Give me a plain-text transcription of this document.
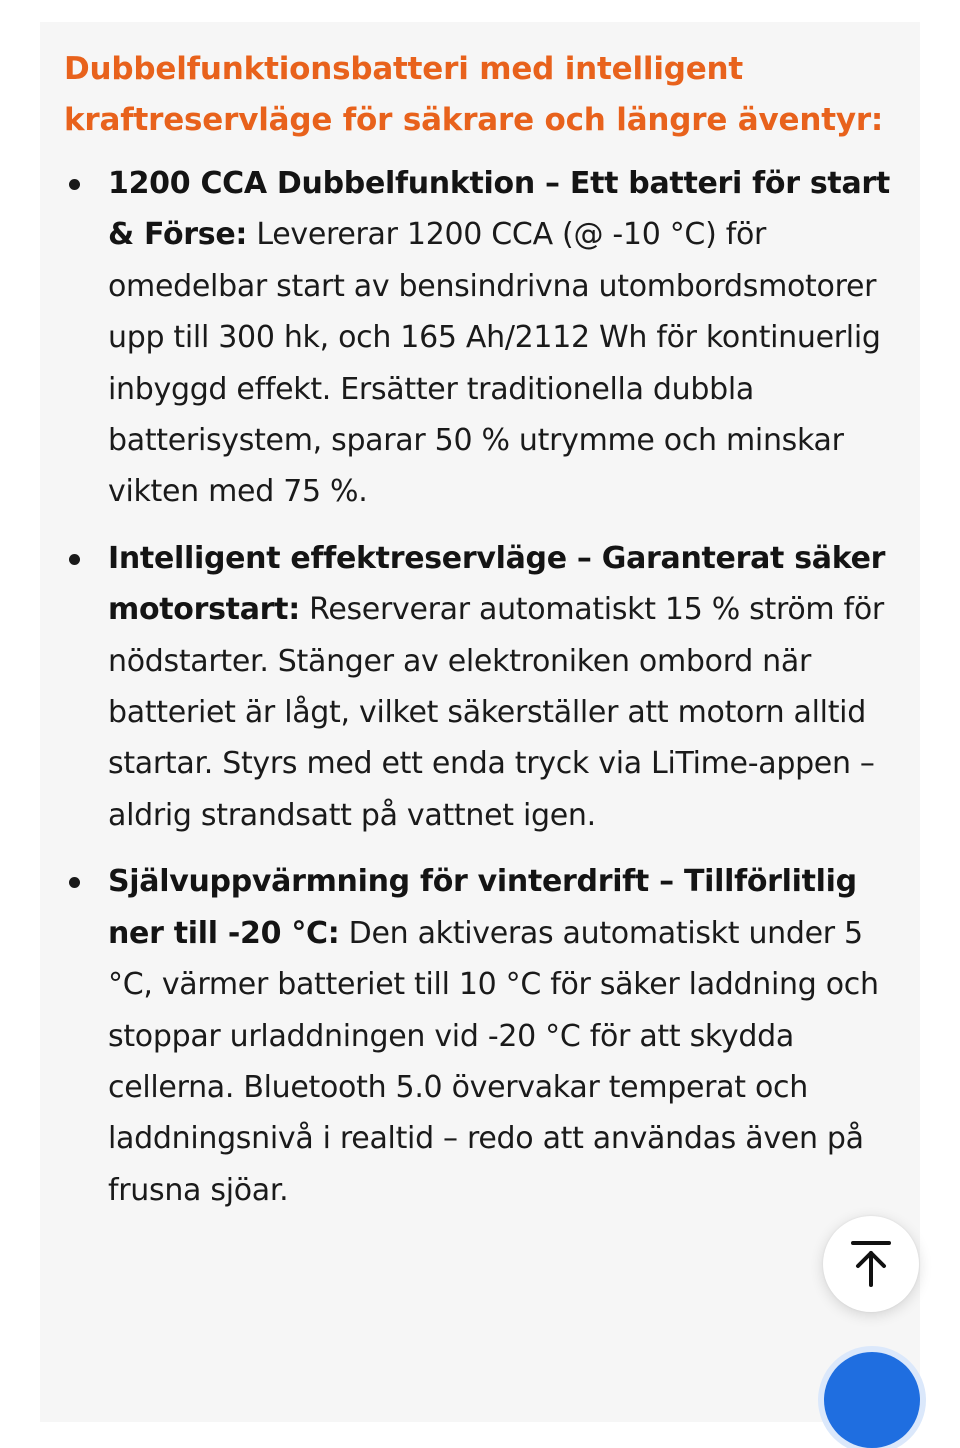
Dubbelfunktionsbatteri med intelligent kraftreservläge för säkrare och längre äventyr:
1200 CCA Dubbelfunktion – Ett batteri för start & Förse: Levererar 1200 CCA (@ -10 °C) för omedelbar start av bensindrivna utombordsmotorer upp till 300 hk, och 165 Ah/2112 Wh för kontinuerlig inbyggd effekt. Ersätter traditionella dubbla batterisystem, sparar 50 % utrymme och minskar vikten med 75 %.
Intelligent effektreservläge – Garanterat säker motorstart: Reserverar automatiskt 15 % ström för nödstarter. Stänger av elektroniken ombord när batteriet är lågt, vilket säkerställer att motorn alltid startar. Styrs med ett enda tryck via LiTime-appen – aldrig strandsatt på vattnet igen.
Självuppvärmning för vinterdrift – Tillförlitlig ner till -20 °C: Den aktiveras automatiskt under 5 °C, värmer batteriet till 10 °C för säker laddning och stoppar urladdningen vid -20 °C för att skydda cellerna. Bluetooth 5.0 övervakar temperat och laddningsnivå i realtid – redo att användas även på frusna sjöar.
